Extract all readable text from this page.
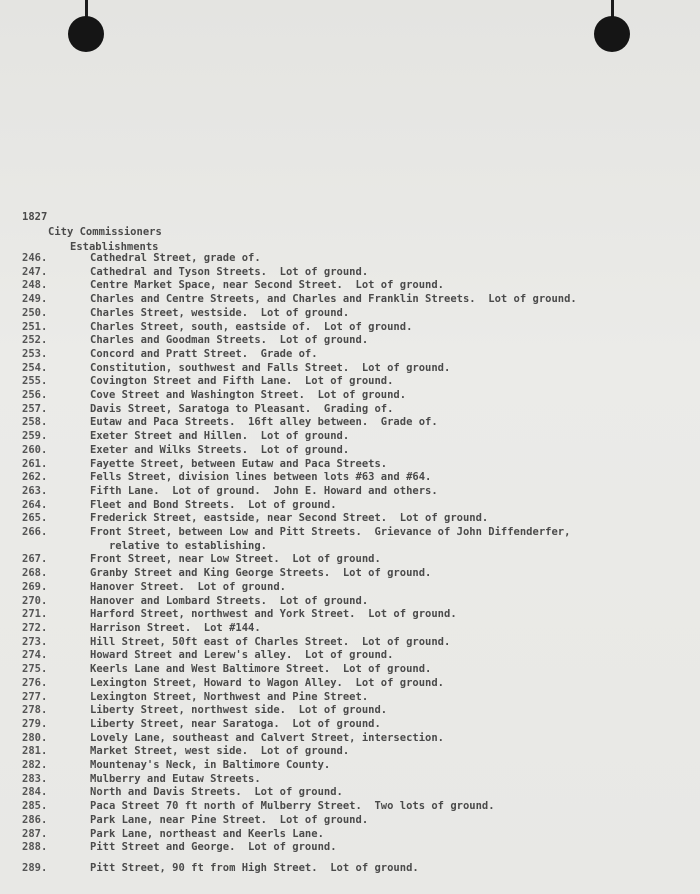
1827
City Commissioners
Establishments
246.	Cathedral Street, grade of.
247.	Cathedral and Tyson Streets.  Lot of ground.
248.	Centre Market Space, near Second Street.  Lot of ground.
249.	Charles and Centre Streets, and Charles and Franklin Streets.  Lot of ground.
250.	Charles Street, westside.  Lot of ground.
251.	Charles Street, south, eastside of.  Lot of ground.
252.	Charles and Goodman Streets.  Lot of ground.
253.	Concord and Pratt Street.  Grade of.
254.	Constitution, southwest and Falls Street.  Lot of ground.
255.	Covington Street and Fifth Lane.  Lot of ground.
256.	Cove Street and Washington Street.  Lot of ground.
257.	Davis Street, Saratoga to Pleasant.  Grading of.
258.	Eutaw and Paca Streets.  16ft alley between.  Grade of.
259.	Exeter Street and Hillen.  Lot of ground.
260.	Exeter and Wilks Streets.  Lot of ground.
261.	Fayette Street, between Eutaw and Paca Streets.
262.	Fells Street, division lines between lots #63 and #64.
263.	Fifth Lane.  Lot of ground.  John E. Howard and others.
264.	Fleet and Bond Streets.  Lot of ground.
265.	Frederick Street, eastside, near Second Street.  Lot of ground.
266.	Front Street, between Low and Pitt Streets.  Grievance of John Diffenderfer,
relative to establishing.
267.	Front Street, near Low Street.  Lot of ground.
268.	Granby Street and King George Streets.  Lot of ground.
269.	Hanover Street.  Lot of ground.
270.	Hanover and Lombard Streets.  Lot of ground.
271.	Harford Street, northwest and York Street.  Lot of ground.
272.	Harrison Street.  Lot #144.
273.	Hill Street, 50ft east of Charles Street.  Lot of ground.
274.	Howard Street and Lerew's alley.  Lot of ground.
275.	Keerls Lane and West Baltimore Street.  Lot of ground.
276.	Lexington Street, Howard to Wagon Alley.  Lot of ground.
277.	Lexington Street, Northwest and Pine Street.
278.	Liberty Street, northwest side.  Lot of ground.
279.	Liberty Street, near Saratoga.  Lot of ground.
280.	Lovely Lane, southeast and Calvert Street, intersection.
281.	Market Street, west side.  Lot of ground.
282.	Mountenay's Neck, in Baltimore County.
283.	Mulberry and Eutaw Streets.
284.	North and Davis Streets.  Lot of ground.
285.	Paca Street 70 ft north of Mulberry Street.  Two lots of ground.
286.	Park Lane, near Pine Street.  Lot of ground.
287.	Park Lane, northeast and Keerls Lane.
288.	Pitt Street and George.  Lot of ground.
289.	Pitt Street, 90 ft from High Street.  Lot of ground.
